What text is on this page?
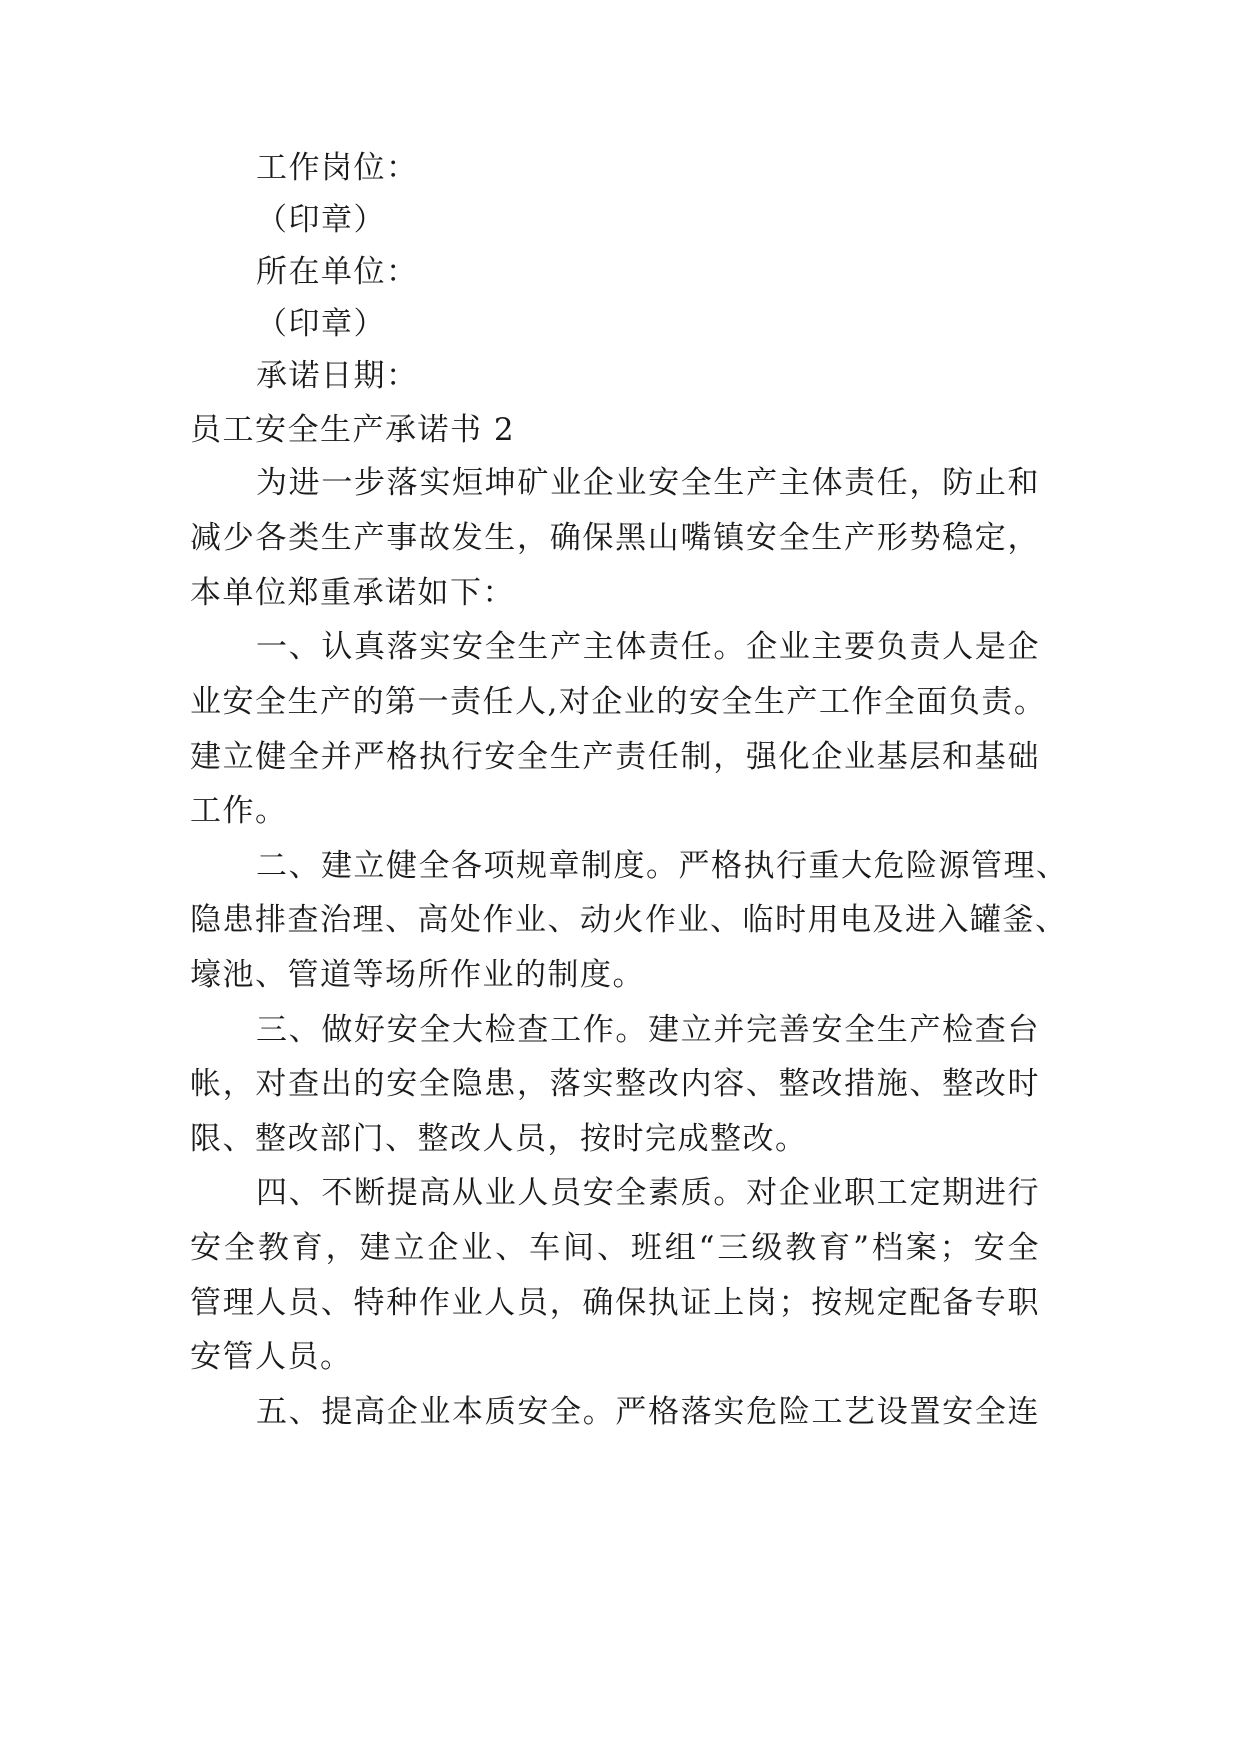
工作岗位：
（印章）
所在单位：
（印章）
承诺日期：
员工安全生产承诺书 2
为进一步落实烜坤矿业企业安全生产主体责任，防止和
减少各类生产事故发生，确保黑山嘴镇安全生产形势稳定，
本单位郑重承诺如下：
一、认真落实安全生产主体责任。企业主要负责人是企
业安全生产的第一责任人,对企业的安全生产工作全面负责。
建立健全并严格执行安全生产责任制，强化企业基层和基础
工作。
二、建立健全各项规章制度。严格执行重大危险源管理、
隐患排查治理、高处作业、动火作业、临时用电及进入罐釜、
壕池、管道等场所作业的制度。
三、做好安全大检查工作。建立并完善安全生产检查台
帐，对查出的安全隐患，落实整改内容、整改措施、整改时
限、整改部门、整改人员，按时完成整改。
四、不断提高从业人员安全素质。对企业职工定期进行
安全教育，建立企业、车间、班组“三级教育”档案；安全
管理人员、特种作业人员，确保执证上岗；按规定配备专职
安管人员。
五、提高企业本质安全。严格落实危险工艺设置安全连
